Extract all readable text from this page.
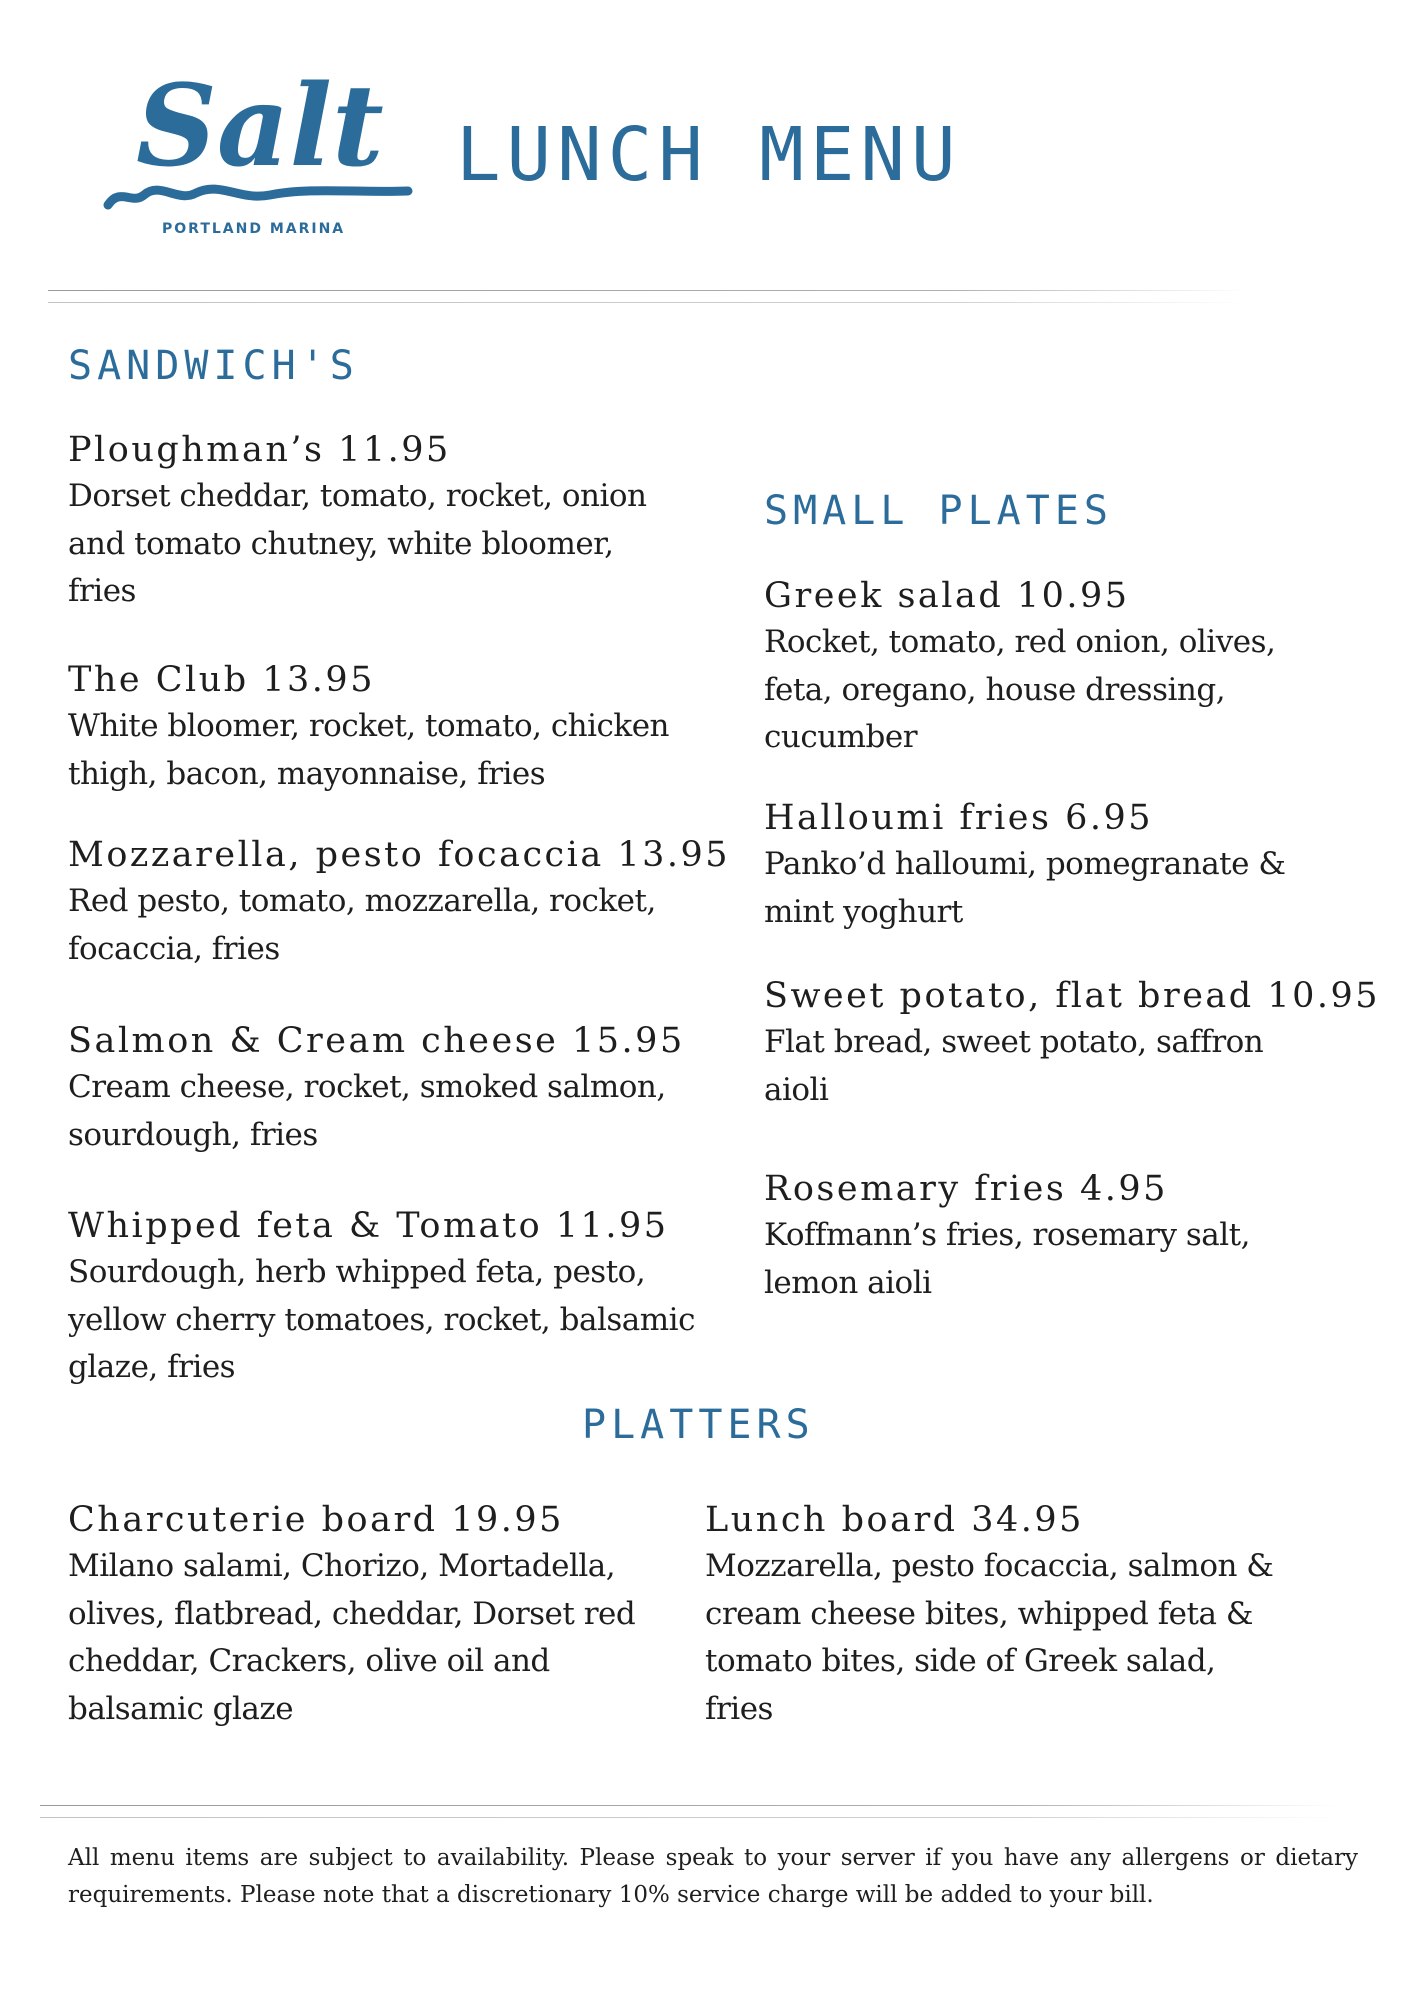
Salt
PORTLAND MARINA
LUNCH MENU
SANDWICH'S
Ploughman’s 11.95
Dorset cheddar, tomato, rocket, onion and tomato chutney, white bloomer, fries
The Club 13.95
White bloomer, rocket, tomato, chicken thigh, bacon, mayonnaise, fries
Mozzarella, pesto focaccia 13.95
Red pesto, tomato, mozzarella, rocket, focaccia, fries
Salmon & Cream cheese 15.95
Cream cheese, rocket, smoked salmon, sourdough, fries
Whipped feta & Tomato 11.95
Sourdough, herb whipped feta, pesto, yellow cherry tomatoes, rocket, balsamic glaze, fries
SMALL PLATES
Greek salad 10.95
Rocket, tomato, red onion, olives, feta, oregano, house dressing, cucumber
Halloumi fries 6.95
Panko’d halloumi, pomegranate & mint yoghurt
Sweet potato, flat bread 10.95
Flat bread, sweet potato, saffron aioli
Rosemary fries 4.95
Koffmann’s fries, rosemary salt, lemon aioli
PLATTERS
Charcuterie board 19.95
Milano salami, Chorizo, Mortadella, olives, flatbread, cheddar, Dorset red cheddar, Crackers, olive oil and balsamic glaze
Lunch board 34.95
Mozzarella, pesto focaccia, salmon & cream cheese bites, whipped feta & tomato bites, side of Greek salad, fries
All menu items are subject to availability. Please speak to your server if you have any allergens or dietary requirements. Please note that a discretionary 10% service charge will be added to your bill.
